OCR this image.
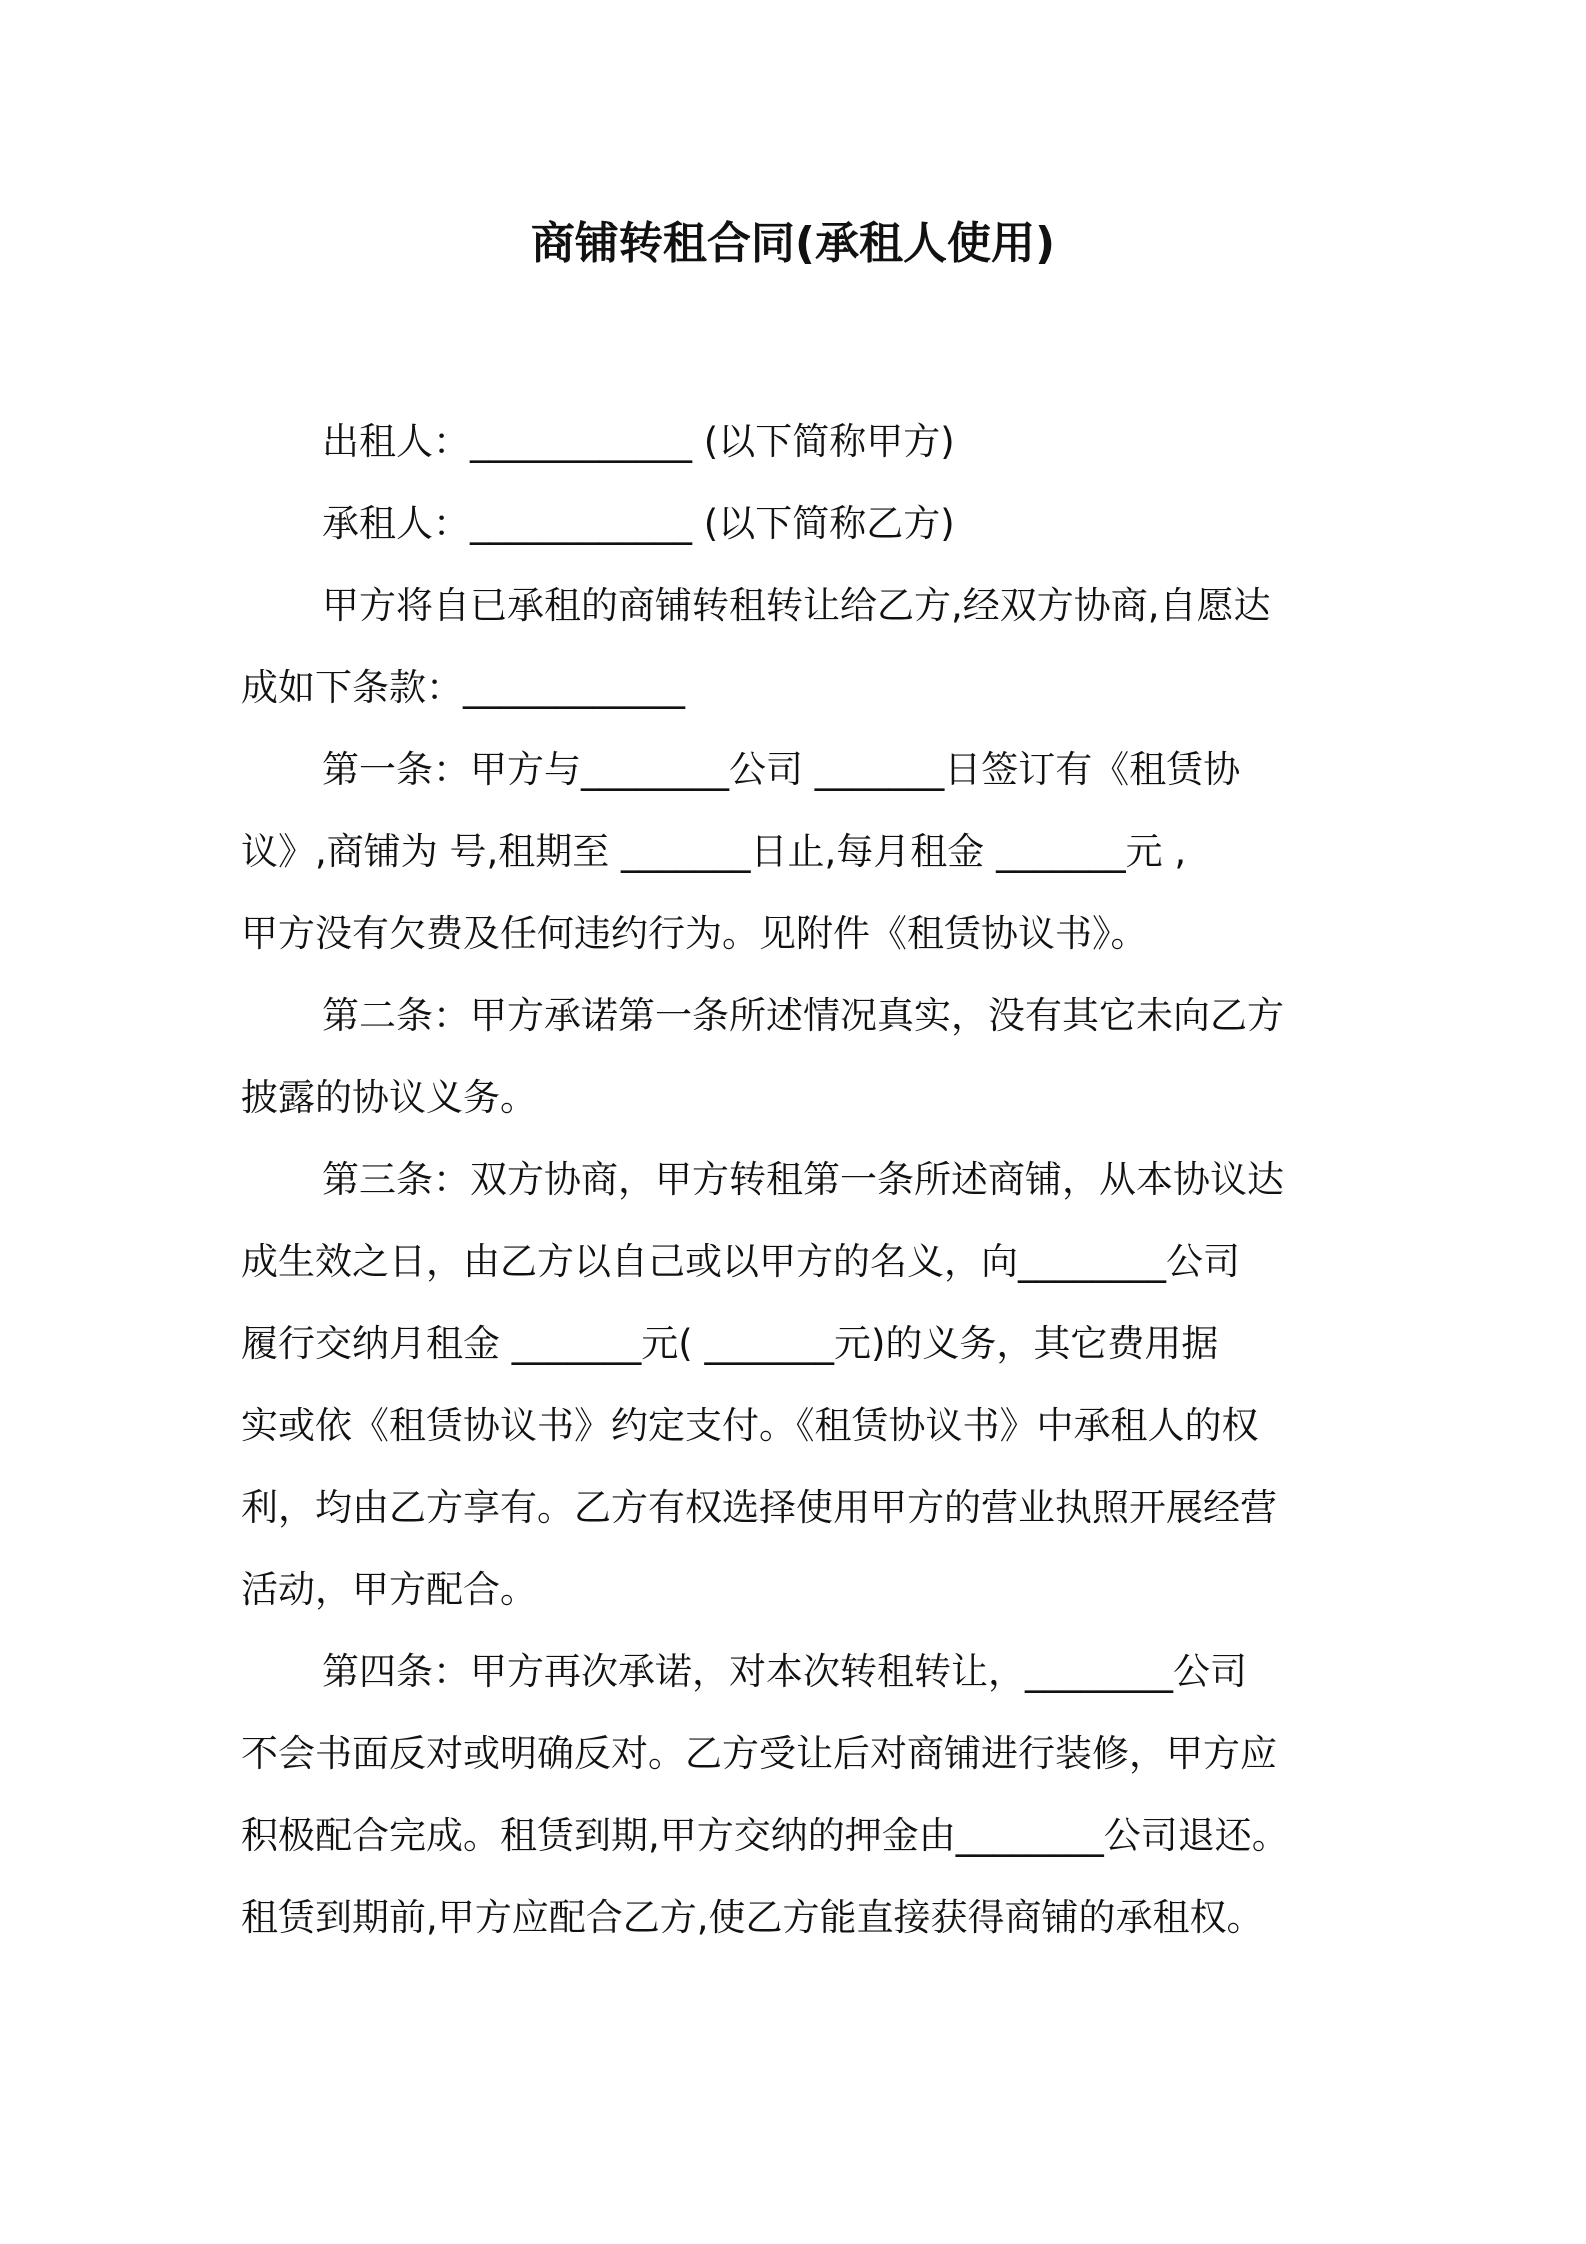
商铺转租合同(承租人使用)

出租人：____________ (以下简称甲方)

承租人：____________ (以下简称乙方)

甲方将自已承租的商铺转租转让给乙方,经双方协商,自愿达

成如下条款：____________

第一条：甲方与________公司 _______日签订有《租赁协

议》,商铺为 号,租期至 _______日止,每月租金 _______元 ,

甲方没有欠费及任何违约行为。见附件《租赁协议书》。

第二条：甲方承诺第一条所述情况真实，没有其它未向乙方

披露的协议义务。

第三条：双方协商，甲方转租第一条所述商铺，从本协议达

成生效之日，由乙方以自己或以甲方的名义，向________公司

履行交纳月租金 _______元( _______元)的义务，其它费用据

实或依《租赁协议书》约定支付。《租赁协议书》中承租人的权

利，均由乙方享有。乙方有权选择使用甲方的营业执照开展经营

活动，甲方配合。

第四条：甲方再次承诺，对本次转租转让，________公司

不会书面反对或明确反对。乙方受让后对商铺进行装修，甲方应

积极配合完成。租赁到期,甲方交纳的押金由________公司退还。

租赁到期前,甲方应配合乙方,使乙方能直接获得商铺的承租权。
